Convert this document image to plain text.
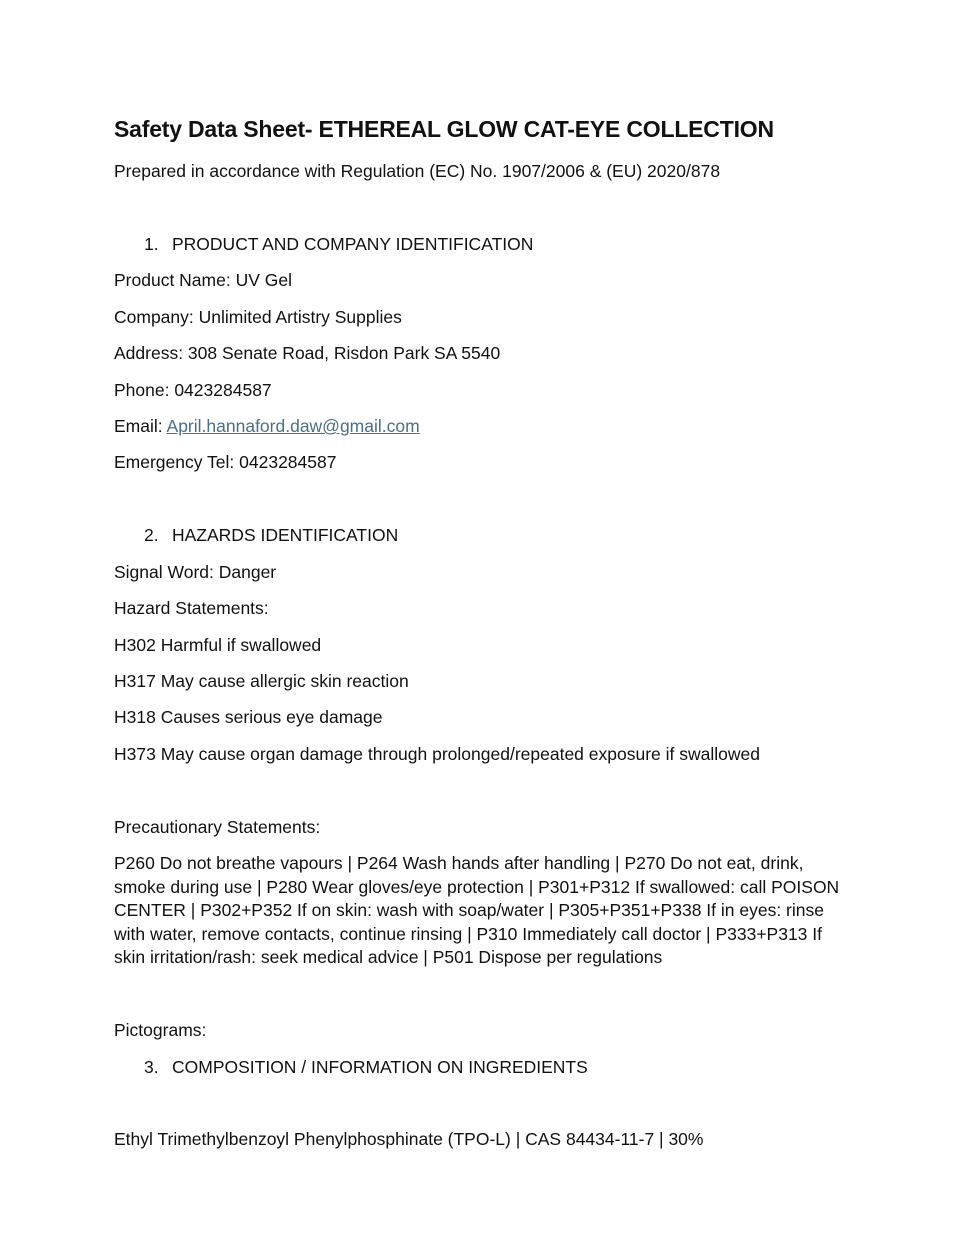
Safety Data Sheet- ETHEREAL GLOW CAT-EYE COLLECTION
Prepared in accordance with Regulation (EC) No. 1907/2006 & (EU) 2020/878
1. PRODUCT AND COMPANY IDENTIFICATION
Product Name: UV Gel
Company: Unlimited Artistry Supplies
Address: 308 Senate Road, Risdon Park SA 5540
Phone: 0423284587
Email: April.hannaford.daw@gmail.com
Emergency Tel: 0423284587
2. HAZARDS IDENTIFICATION
Signal Word: Danger
Hazard Statements:
H302 Harmful if swallowed
H317 May cause allergic skin reaction
H318 Causes serious eye damage
H373 May cause organ damage through prolonged/repeated exposure if swallowed
Precautionary Statements:
P260 Do not breathe vapours | P264 Wash hands after handling | P270 Do not eat, drink, smoke during use | P280 Wear gloves/eye protection | P301+P312 If swallowed: call POISON CENTER | P302+P352 If on skin: wash with soap/water | P305+P351+P338 If in eyes: rinse with water, remove contacts, continue rinsing | P310 Immediately call doctor | P333+P313 If skin irritation/rash: seek medical advice | P501 Dispose per regulations
Pictograms:
3. COMPOSITION / INFORMATION ON INGREDIENTS
Ethyl Trimethylbenzoyl Phenylphosphinate (TPO-L) | CAS 84434-11-7 | 30%
